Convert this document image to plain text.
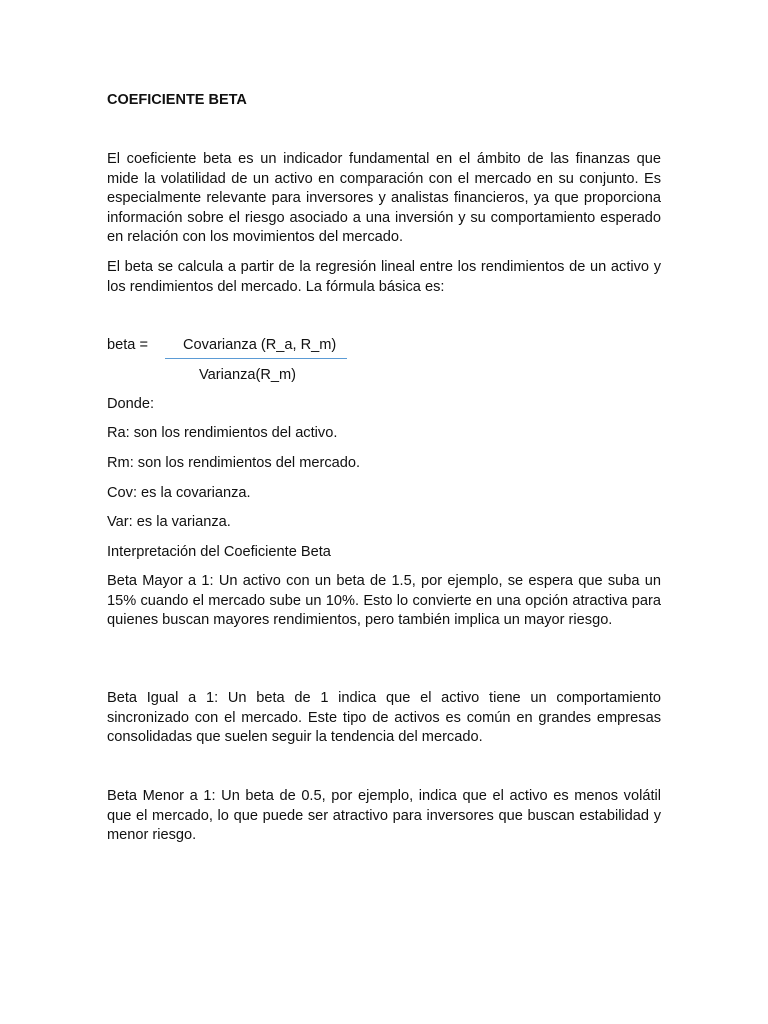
COEFICIENTE BETA

El coeficiente beta es un indicador fundamental en el ámbito de las finanzas que mide la volatilidad de un activo en comparación con el mercado en su conjunto. Es especialmente relevante para inversores y analistas financieros, ya que proporciona información sobre el riesgo asociado a una inversión y su comportamiento esperado en relación con los movimientos del mercado.

El beta se calcula a partir de la regresión lineal entre los rendimientos de un activo y los rendimientos del mercado. La fórmula básica es:

beta = Covarianza (R_a, R_m)
Varianza(R_m)

Donde:

Ra: son los rendimientos del activo.

Rm: son los rendimientos del mercado.

Cov: es la covarianza.

Var: es la varianza.

Interpretación del Coeficiente Beta

Beta Mayor a 1: Un activo con un beta de 1.5, por ejemplo, se espera que suba un 15% cuando el mercado sube un 10%. Esto lo convierte en una opción atractiva para quienes buscan mayores rendimientos, pero también implica un mayor riesgo.

Beta Igual a 1: Un beta de 1 indica que el activo tiene un comportamiento sincronizado con el mercado. Este tipo de activos es común en grandes empresas consolidadas que suelen seguir la tendencia del mercado.

Beta Menor a 1: Un beta de 0.5, por ejemplo, indica que el activo es menos volátil que el mercado, lo que puede ser atractivo para inversores que buscan estabilidad y menor riesgo.
